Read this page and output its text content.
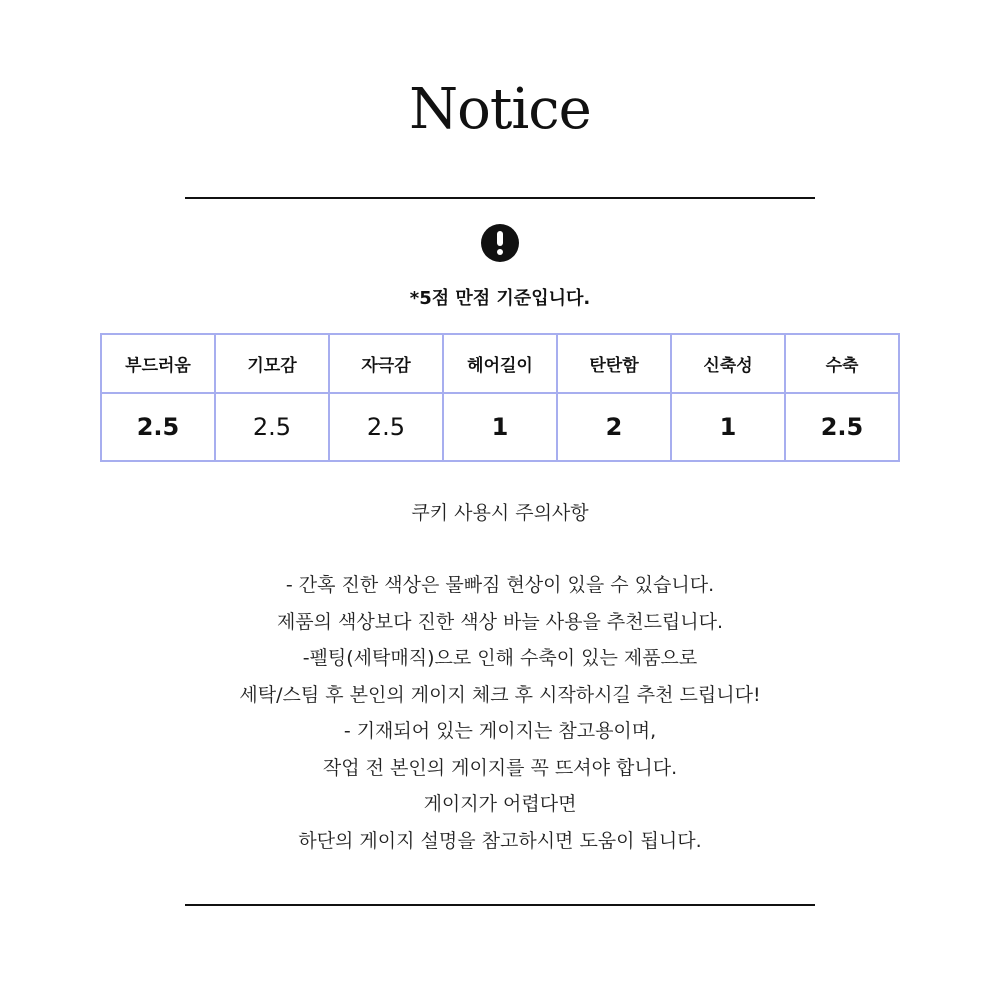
Notice
*5점 만점 기준입니다.
부드러움	기모감	자극감	헤어길이	탄탄함	신축성	수축
2.5	2.5	2.5	1	2	1	2.5
쿠키 사용시 주의사항
- 간혹 진한 색상은 물빠짐 현상이 있을 수 있습니다.
제품의 색상보다 진한 색상 바늘 사용을 추천드립니다.
-펠팅(세탁매직)으로 인해 수축이 있는 제품으로
세탁/스팀 후 본인의 게이지 체크 후 시작하시길 추천 드립니다!
- 기재되어 있는 게이지는 참고용이며,
작업 전 본인의 게이지를 꼭 뜨셔야 합니다.
게이지가 어렵다면
하단의 게이지 설명을 참고하시면 도움이 됩니다.
